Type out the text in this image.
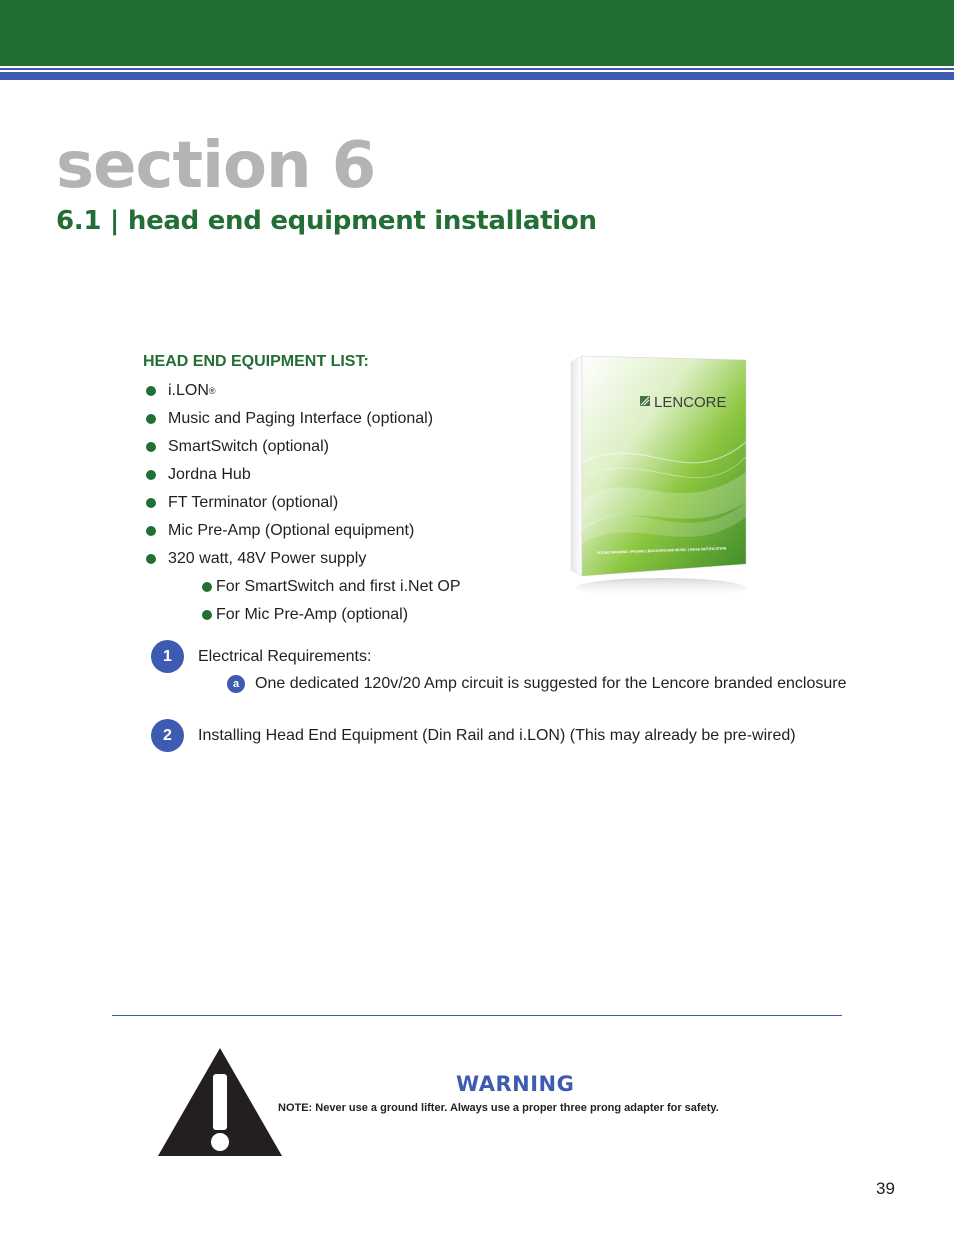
section 6
6.1 | head end equipment installation
HEAD END EQUIPMENT LIST:
i.LON ®
Music and Paging Interface (optional)
SmartSwitch (optional)
Jordna Hub
FT Terminator (optional)
Mic Pre-Amp (Optional equipment)
320 watt, 48V Power supply
For SmartSwitch and first i.Net OP
For Mic Pre-Amp (optional)
LENCORE
SOUND MASKING | PAGING | BACKGROUND MUSIC | MASS NOTIFICATION
1	Electrical Requirements:
a One dedicated 120v/20 Amp circuit is suggested for the Lencore branded enclosure
2	Installing Head End Equipment (Din Rail and i.LON) (This may already be pre-wired)
WARNING
NOTE: Never use a ground lifter. Always use a proper three prong adapter for safety.
39
